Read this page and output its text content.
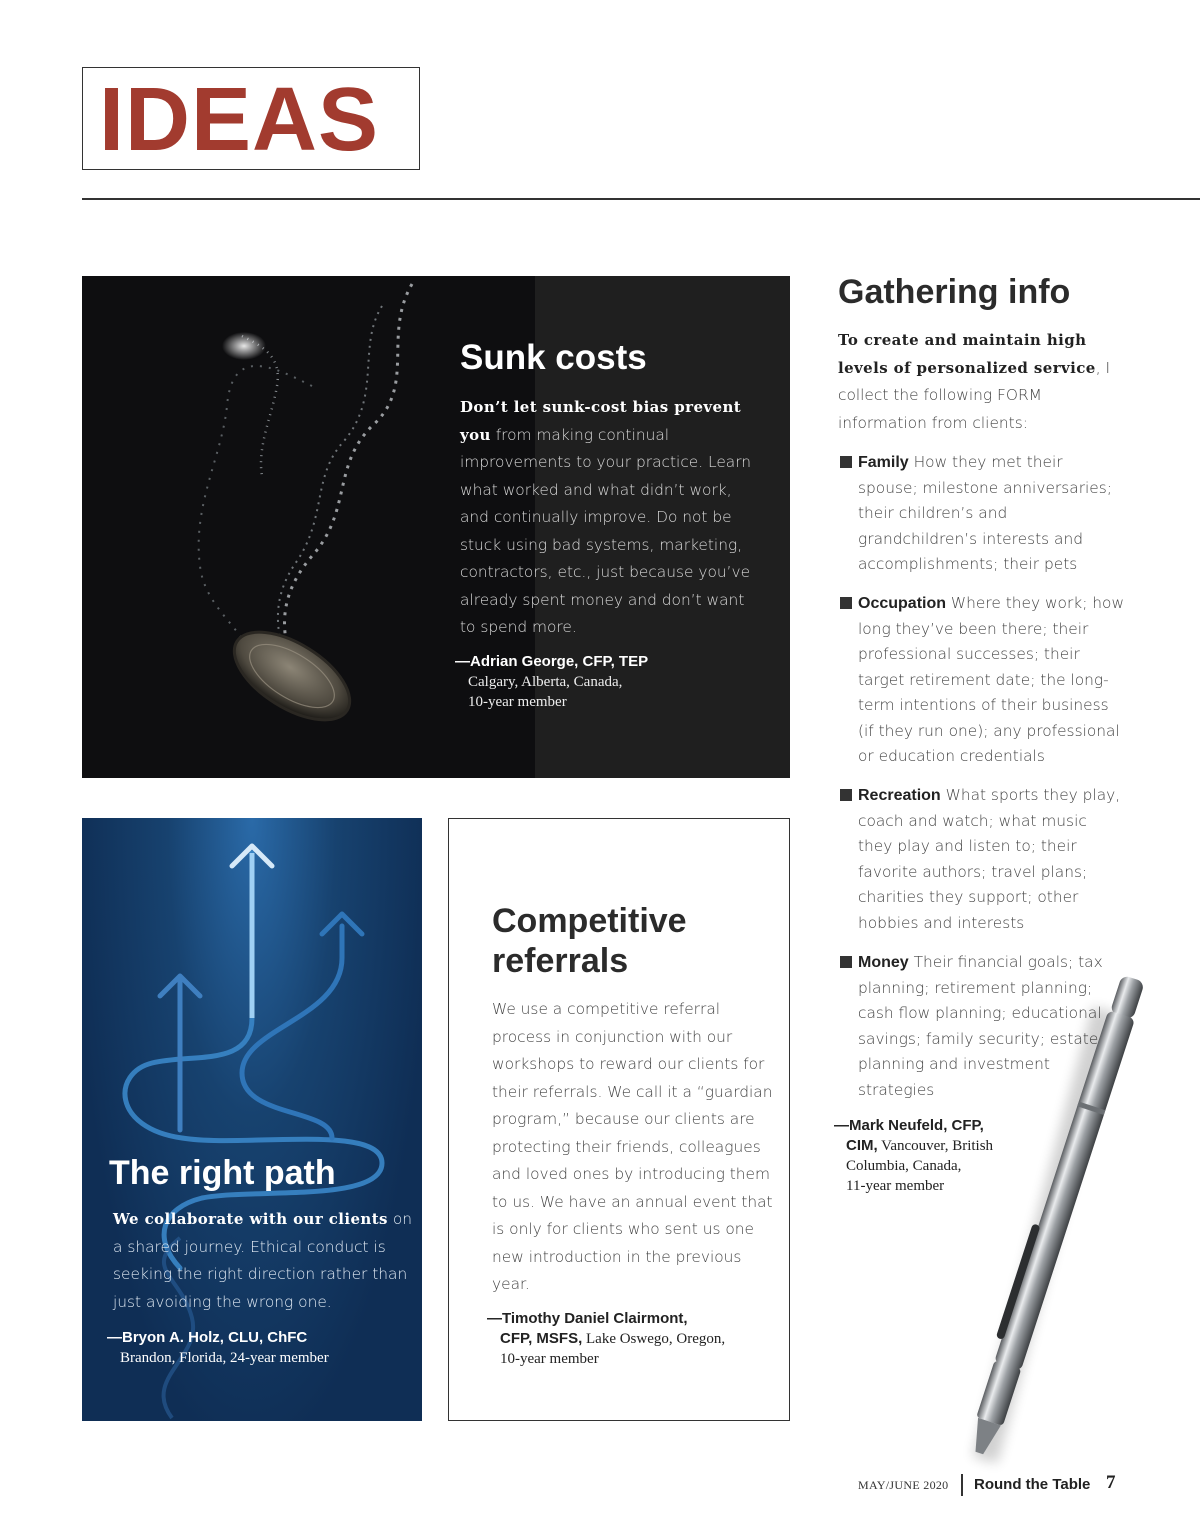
IDEAS
Sunk costs
Don’t let sunk-cost bias prevent you from making continual improvements to your practice. Learn what worked and what didn’t work, and continually improve. Do not be stuck using bad systems, marketing, contractors, etc., just because you’ve already spent money and don’t want to spend more.
—Adrian George, CFP, TEP
Calgary, Alberta, Canada,
10-year member
The right path
We collaborate with our clients on a shared journey. Ethical conduct is seeking the right direction rather than just avoiding the wrong one.
—Bryon A. Holz, CLU, ChFC
Brandon, Florida, 24-year member
Competitive
referrals
We use a competitive referral process in conjunction with our workshops to reward our clients for their referrals. We call it a “guardian program,” because our clients are protecting their friends, colleagues and loved ones by introducing them to us. We have an annual event that is only for clients who sent us one new introduction in the previous year.
—Timothy Daniel Clairmont,
CFP, MSFS, Lake Oswego, Oregon,
10-year member
Gathering info
To create and maintain high levels of personalized service, I collect the following FORM information from clients:
Family How they met their spouse; milestone anniversaries; their children’s and grandchildren’s interests and accomplishments; their pets
Occupation Where they work; how long they’ve been there; their professional successes; their target retirement date; the long-term intentions of their business (if they run one); any professional or education credentials
Recreation What sports they play, coach and watch; what music they play and listen to; their favorite authors; travel plans; charities they support; other hobbies and interests
Money Their financial goals; tax planning; retirement planning; cash flow planning; educational savings; family security; estate planning and investment strategies
—Mark Neufeld, CFP,
CIM, Vancouver, British
Columbia, Canada,
11-year member
MAY/JUNE 2020 Round the Table 7
